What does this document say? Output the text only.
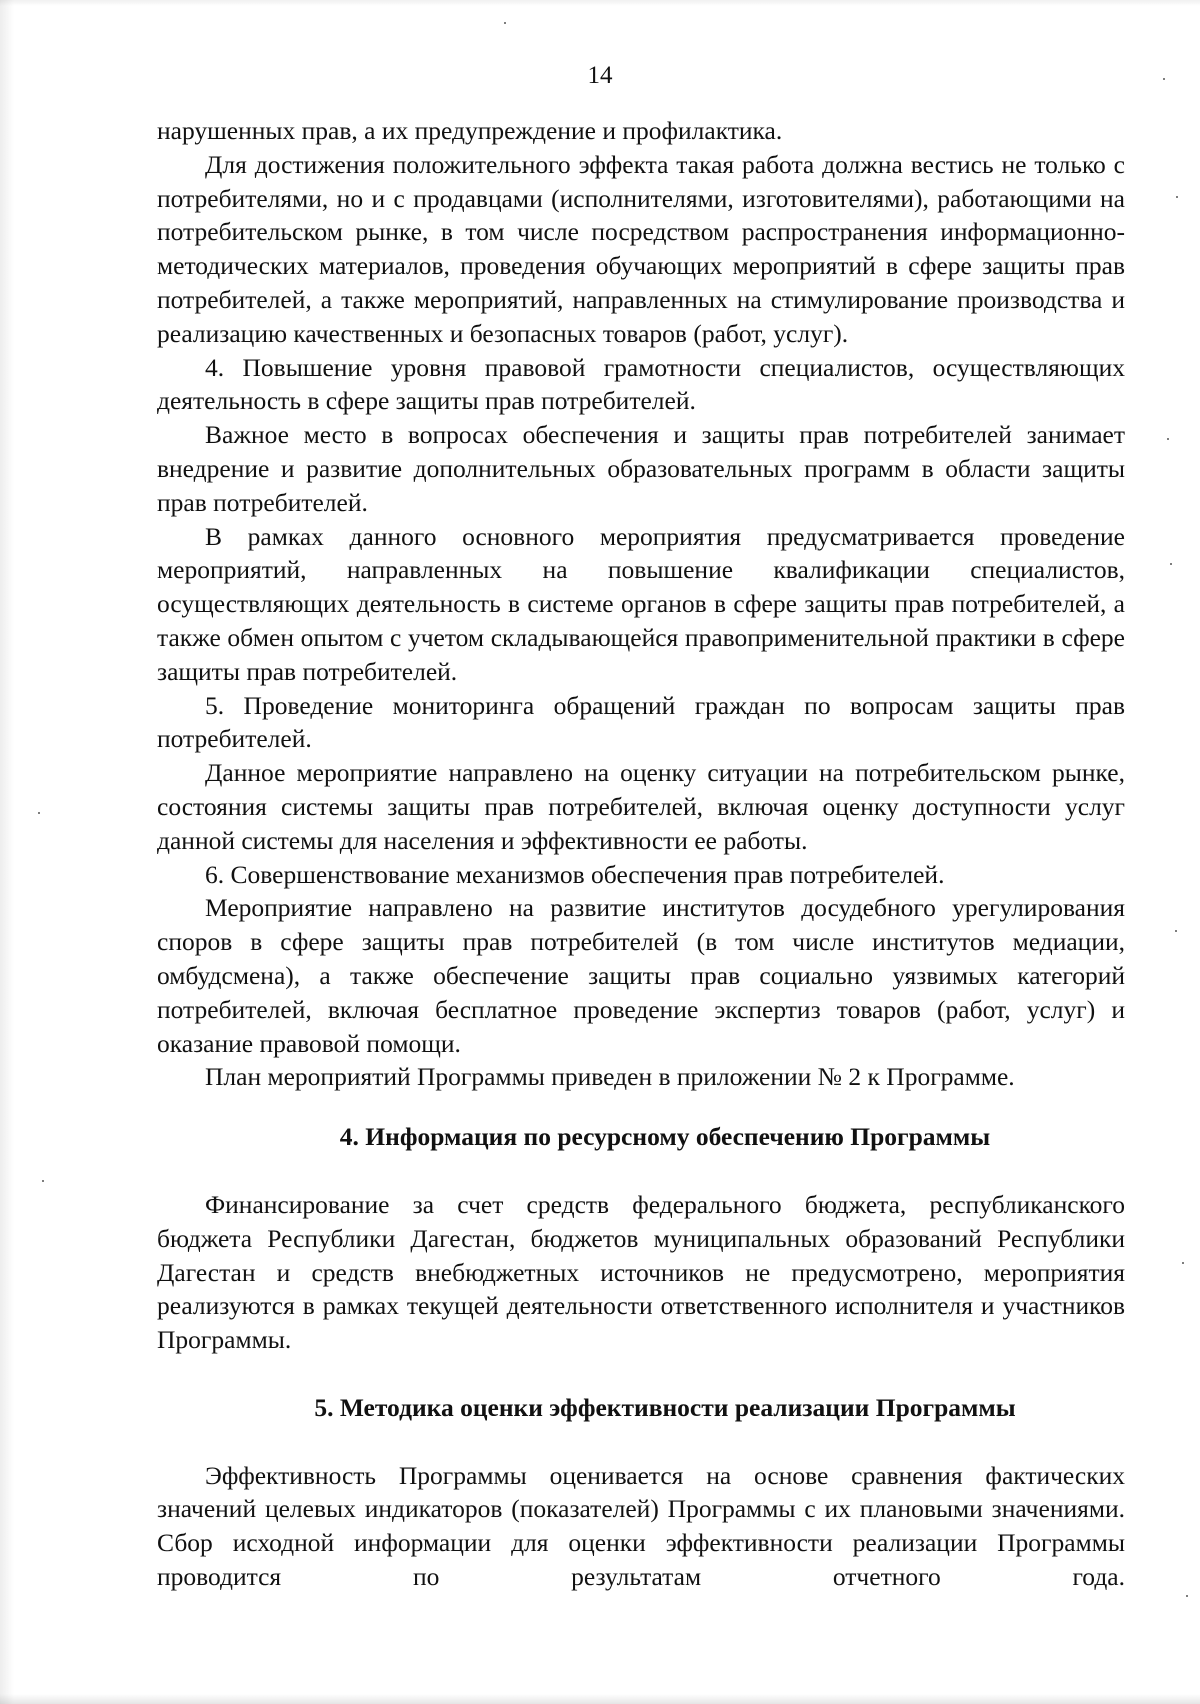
14

нарушенных прав, а их предупреждение и профилактика.

Для достижения положительного эффекта такая работа должна вестись не только с потребителями, но и с продавцами (исполнителями, изготовителями), работающими на потребительском рынке, в том числе посредством распространения информационно-методических материалов, проведения обучающих мероприятий в сфере защиты прав потребителей, а также мероприятий, направленных на стимулирование производства и реализацию качественных и безопасных товаров (работ, услуг).

4. Повышение уровня правовой грамотности специалистов, осуществляющих деятельность в сфере защиты прав потребителей.

Важное место в вопросах обеспечения и защиты прав потребителей занимает внедрение и развитие дополнительных образовательных программ в области защиты прав потребителей.

В рамках данного основного мероприятия предусматривается проведение мероприятий, направленных на повышение квалификации специалистов, осуществляющих деятельность в системе органов в сфере защиты прав потребителей, а также обмен опытом с учетом складывающейся правоприменительной практики в сфере защиты прав потребителей.

5. Проведение мониторинга обращений граждан по вопросам защиты прав потребителей.

Данное мероприятие направлено на оценку ситуации на потребительском рынке, состояния системы защиты прав потребителей, включая оценку доступности услуг данной системы для населения и эффективности ее работы.

6. Совершенствование механизмов обеспечения прав потребителей.

Мероприятие направлено на развитие институтов досудебного урегулирования споров в сфере защиты прав потребителей (в том числе институтов медиации, омбудсмена), а также обеспечение защиты прав социально уязвимых категорий потребителей, включая бесплатное проведение экспертиз товаров (работ, услуг) и оказание правовой помощи.

План мероприятий Программы приведен в приложении № 2 к Программе.

4. Информация по ресурсному обеспечению Программы

Финансирование за счет средств федерального бюджета, республиканского бюджета Республики Дагестан, бюджетов муниципальных образований Республики Дагестан и средств внебюджетных источников не предусмотрено, мероприятия реализуются в рамках текущей деятельности ответственного исполнителя и участников Программы.

5. Методика оценки эффективности реализации Программы

Эффективность Программы оценивается на основе сравнения фактических значений целевых индикаторов (показателей) Программы с их плановыми значениями. Сбор исходной информации для оценки эффективности реализации Программы проводится по результатам отчетного года.
